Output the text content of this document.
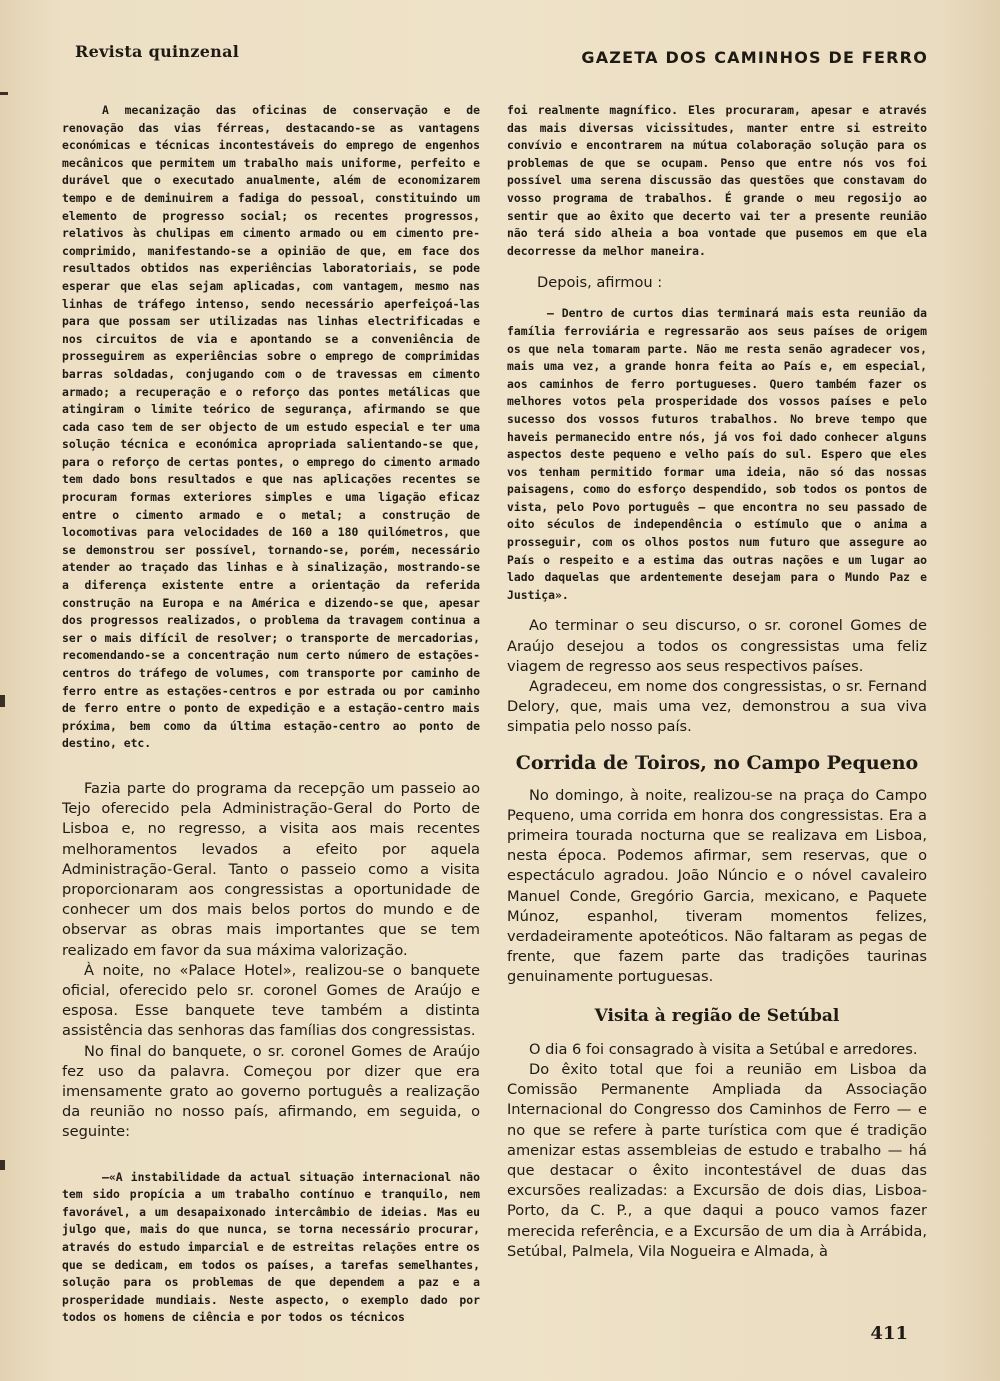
Revista quinzenal	GAZETA DOS CAMINHOS DE FERRO

A mecanização das oficinas de conservação e de renovação das vias férreas, destacando-se as vantagens económicas e técnicas incontestáveis do emprego de engenhos mecânicos que permitem um trabalho mais uniforme, perfeito e durável que o executado anualmente, além de economizarem tempo e de deminuirem a fadiga do pessoal, constituindo um elemento de progresso social; os recentes progressos, relativos às chulipas em cimento armado ou em cimento pre-comprimido, manifestando-se a opinião de que, em face dos resultados obtidos nas experiências laboratoriais, se pode esperar que elas sejam aplicadas, com vantagem, mesmo nas linhas de tráfego intenso, sendo necessário aperfeiçoá-las para que possam ser utilizadas nas linhas electrificadas e nos circuitos de via e apontando se a conveniência de prosseguirem as experiências sobre o emprego de comprimidas barras soldadas, conjugando com o de travessas em cimento armado; a recuperação e o reforço das pontes metálicas que atingiram o limite teórico de segurança, afirmando se que cada caso tem de ser objecto de um estudo especial e ter uma solução técnica e económica apropriada salientando-se que, para o reforço de certas pontes, o emprego do cimento armado tem dado bons resultados e que nas aplicações recentes se procuram formas exteriores simples e uma ligação eficaz entre o cimento armado e o metal; a construção de locomotivas para velocidades de 160 a 180 quilómetros, que se demonstrou ser possível, tornando-se, porém, necessário atender ao traçado das linhas e à sinalização, mostrando-se a diferença existente entre a orientação da referida construção na Europa e na América e dizendo-se que, apesar dos progressos realizados, o problema da travagem continua a ser o mais difícil de resolver; o transporte de mercadorias, recomendando-se a concentração num certo número de estações-centros do tráfego de volumes, com transporte por caminho de ferro entre as estações-centros e por estrada ou por caminho de ferro entre o ponto de expedição e a estação-centro mais próxima, bem como da última estação-centro ao ponto de destino, etc.

Fazia parte do programa da recepção um passeio ao Tejo oferecido pela Administração-Geral do Porto de Lisboa e, no regresso, a visita aos mais recentes melhoramentos levados a efeito por aquela Administração-Geral. Tanto o passeio como a visita proporcionaram aos congressistas a oportunidade de conhecer um dos mais belos portos do mundo e de observar as obras mais importantes que se tem realizado em favor da sua máxima valorização.

À noite, no «Palace Hotel», realizou-se o banquete oficial, oferecido pelo sr. coronel Gomes de Araújo e esposa. Esse banquete teve também a distinta assistência das senhoras das famílias dos congressistas.

No final do banquete, o sr. coronel Gomes de Araújo fez uso da palavra. Começou por dizer que era imensamente grato ao governo português a realização da reunião no nosso país, afirmando, em seguida, o seguinte:

—«A instabilidade da actual situação internacional não tem sido propícia a um trabalho contínuo e tranquilo, nem favorável, a um desapaixonado intercâmbio de ideias. Mas eu julgo que, mais do que nunca, se torna necessário procurar, através do estudo imparcial e de estreitas relações entre os que se dedicam, em todos os países, a tarefas semelhantes, solução para os problemas de que dependem a paz e a prosperidade mundiais. Neste aspecto, o exemplo dado por todos os homens de ciência e por todos os técnicos

foi realmente magnífico. Eles procuraram, apesar e através das mais diversas vicissitudes, manter entre si estreito convívio e encontrarem na mútua colaboração solução para os problemas de que se ocupam. Penso que entre nós vos foi possível uma serena discussão das questões que constavam do vosso programa de trabalhos. É grande o meu regosijo ao sentir que ao êxito que decerto vai ter a presente reunião não terá sido alheia a boa vontade que pusemos em que ela decorresse da melhor maneira.

Depois, afirmou :

— Dentro de curtos dias terminará mais esta reunião da família ferroviária e regressarão aos seus países de origem os que nela tomaram parte. Não me resta senão agradecer vos, mais uma vez, a grande honra feita ao País e, em especial, aos caminhos de ferro portugueses. Quero também fazer os melhores votos pela prosperidade dos vossos países e pelo sucesso dos vossos futuros trabalhos. No breve tempo que haveis permanecido entre nós, já vos foi dado conhecer alguns aspectos deste pequeno e velho país do sul. Espero que eles vos tenham permitido formar uma ideia, não só das nossas paisagens, como do esforço despendido, sob todos os pontos de vista, pelo Povo português — que encontra no seu passado de oito séculos de independência o estímulo que o anima a prosseguir, com os olhos postos num futuro que assegure ao País o respeito e a estima das outras nações e um lugar ao lado daquelas que ardentemente desejam para o Mundo Paz e Justiça».

Ao terminar o seu discurso, o sr. coronel Gomes de Araújo desejou a todos os congressistas uma feliz viagem de regresso aos seus respectivos países.

Agradeceu, em nome dos congressistas, o sr. Fernand Delory, que, mais uma vez, demonstrou a sua viva simpatia pelo nosso país.

Corrida de Toiros, no Campo Pequeno

No domingo, à noite, realizou-se na praça do Campo Pequeno, uma corrida em honra dos congressistas. Era a primeira tourada nocturna que se realizava em Lisboa, nesta época. Podemos afirmar, sem reservas, que o espectáculo agradou. João Núncio e o nóvel cavaleiro Manuel Conde, Gregório Garcia, mexicano, e Paquete Múnoz, espanhol, tiveram momentos felizes, verdadeiramente apoteóticos. Não faltaram as pegas de frente, que fazem parte das tradições taurinas genuinamente portuguesas.

Visita à região de Setúbal

O dia 6 foi consagrado à visita a Setúbal e arredores.

Do êxito total que foi a reunião em Lisboa da Comissão Permanente Ampliada da Associação Internacional do Congresso dos Caminhos de Ferro — e no que se refere à parte turística com que é tradição amenizar estas assembleias de estudo e trabalho — há que destacar o êxito incontestável de duas das excursões realizadas: a Excursão de dois dias, Lisboa-Porto, da C. P., a que daqui a pouco vamos fazer merecida referência, e a Excursão de um dia à Arrábida, Setúbal, Palmela, Vila Nogueira e Almada, à

411
